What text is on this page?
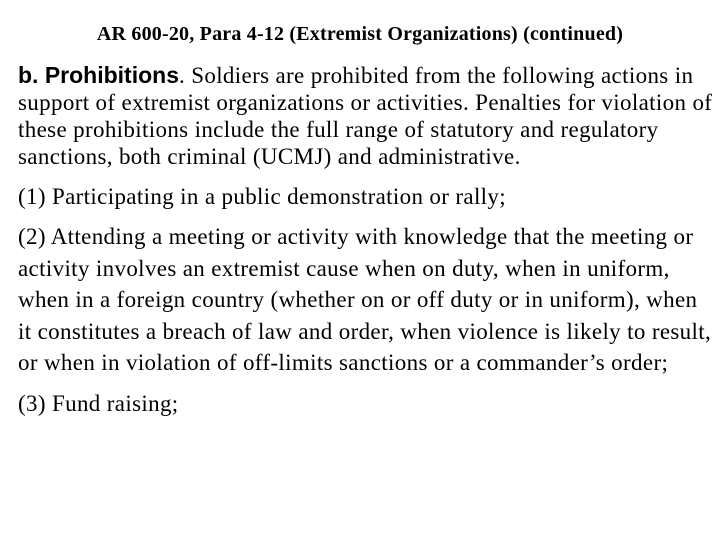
AR 600-20, Para 4-12 (Extremist Organizations) (continued)

b. Prohibitions. Soldiers are prohibited from the following actions in support of extremist organizations or activities. Penalties for violation of these prohibitions include the full range of statutory and regulatory sanctions, both criminal (UCMJ) and administrative.

(1) Participating in a public demonstration or rally;

(2) Attending a meeting or activity with knowledge that the meeting or activity involves an extremist cause when on duty, when in uniform, when in a foreign country (whether on or off duty or in uniform), when it constitutes a breach of law and order, when violence is likely to result, or when in violation of off-limits sanctions or a commander’s order;

(3) Fund raising;
